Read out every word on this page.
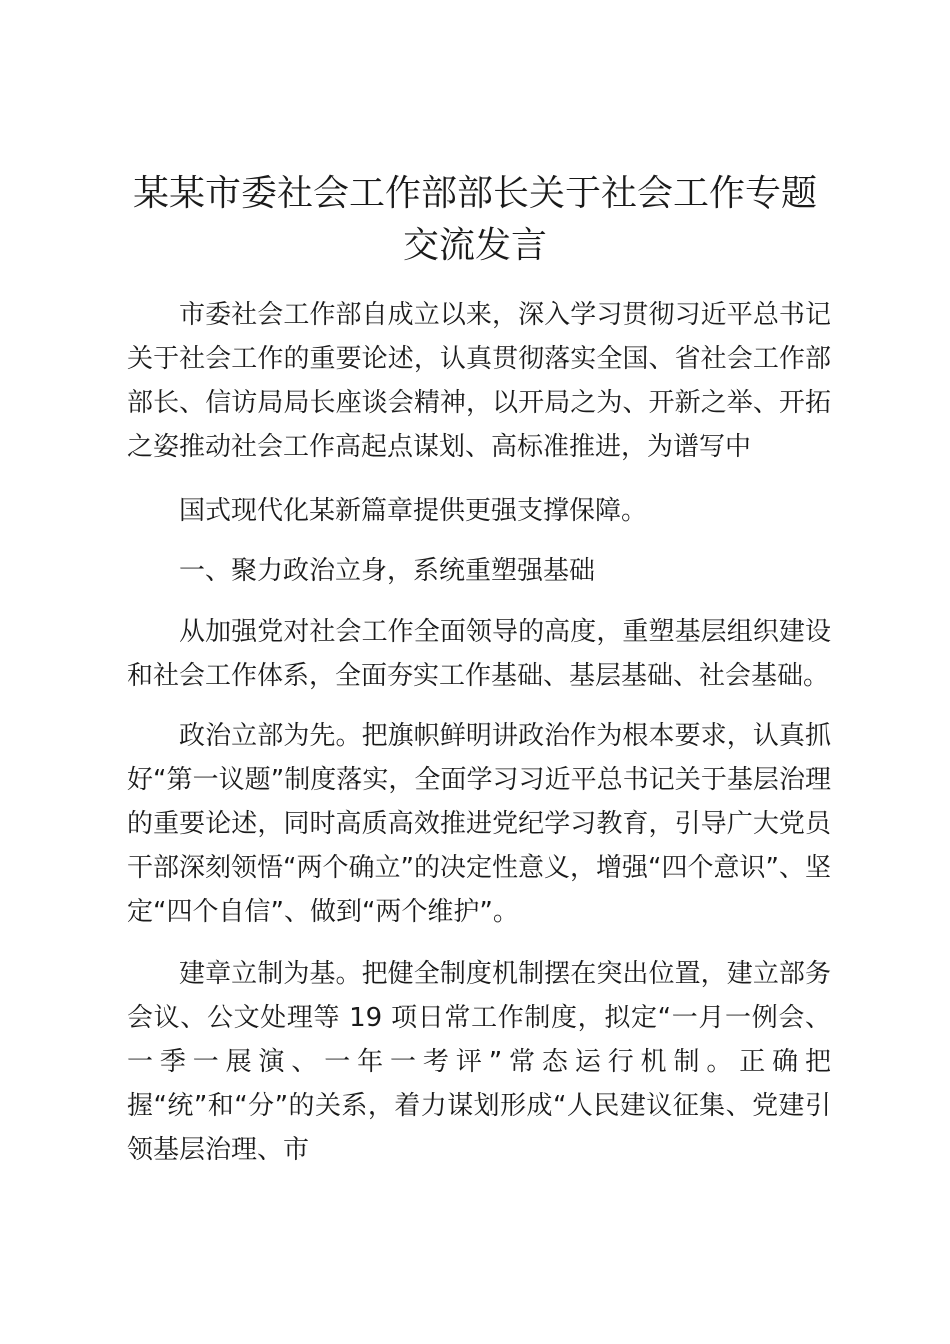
某某市委社会工作部部长关于社会工作专题交流发言

市委社会工作部自成立以来，深入学习贯彻习近平总书记关于社会工作的重要论述，认真贯彻落实全国、省社会工作部部长、信访局局长座谈会精神，以开局之为、开新之举、开拓之姿推动社会工作高起点谋划、高标准推进，为谱写中

国式现代化某新篇章提供更强支撑保障。

一、聚力政治立身，系统重塑强基础

从加强党对社会工作全面领导的高度，重塑基层组织建设和社会工作体系，全面夯实工作基础、基层基础、社会基础。

政治立部为先。把旗帜鲜明讲政治作为根本要求，认真抓好“第一议题”制度落实，全面学习习近平总书记关于基层治理的重要论述，同时高质高效推进党纪学习教育，引导广大党员干部深刻领悟“两个确立”的决定性意义，增强“四个意识”、坚定“四个自信”、做到“两个维护”。

建章立制为基。把健全制度机制摆在突出位置，建立部务会议、公文处理等 19 项日常工作制度，拟定“一月一例会、一季一展演、一年一考评”常态运行机制。正确把握“统”和“分”的关系，着力谋划形成“人民建议征集、党建引领基层治理、市
